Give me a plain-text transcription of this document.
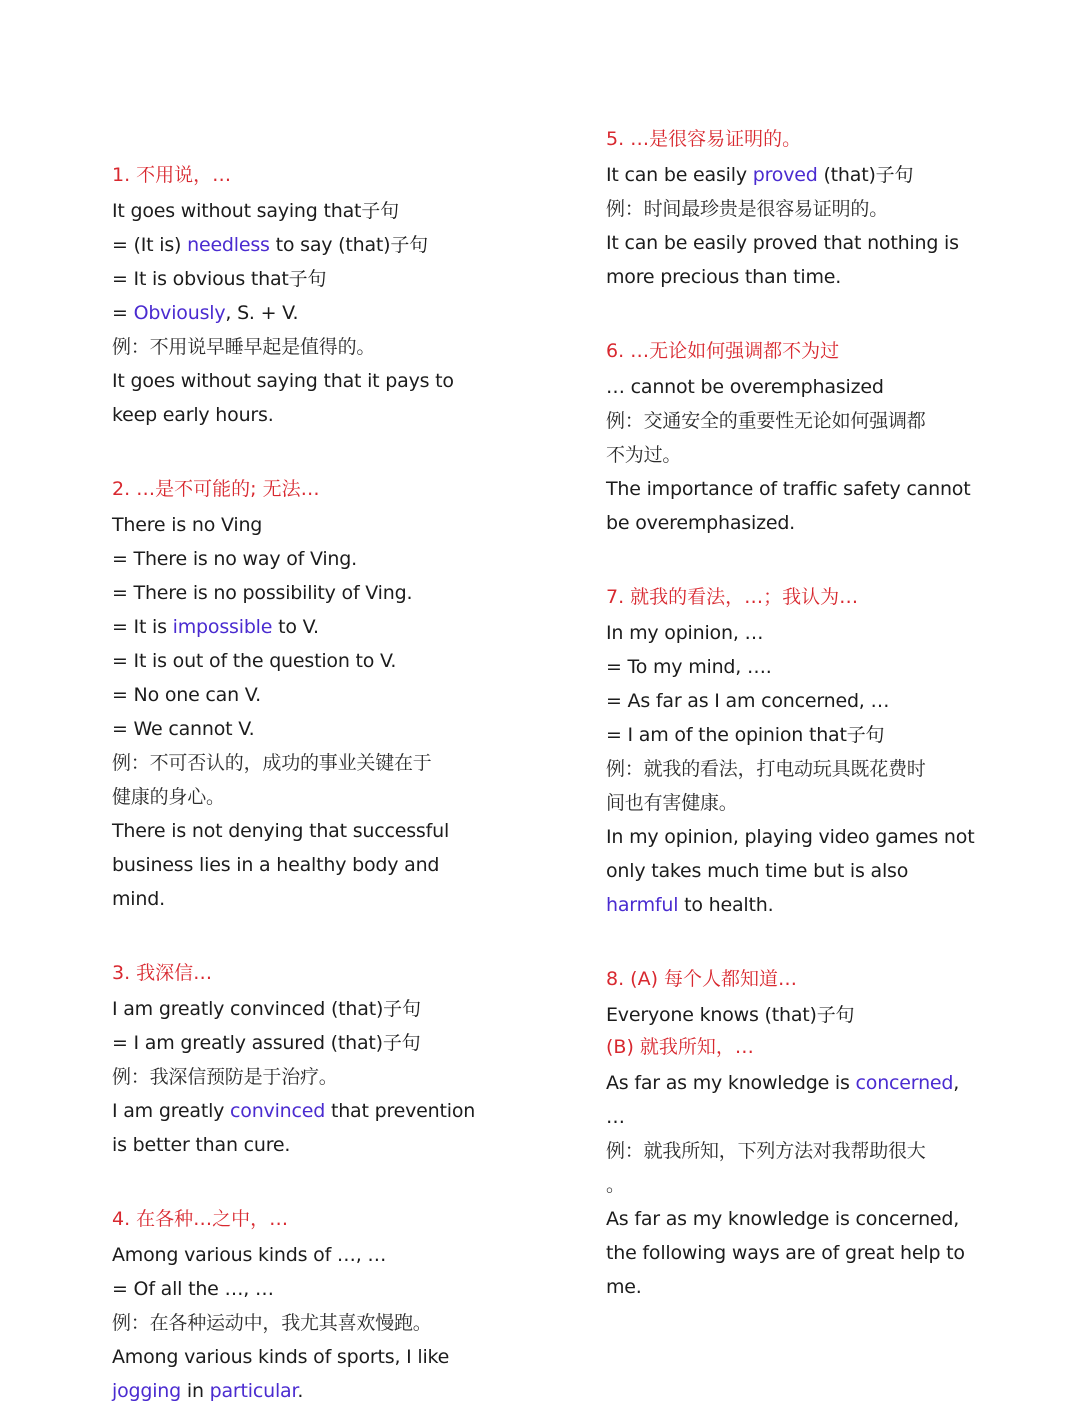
1. 不用说，…
It goes without saying that子句
= (It is) needless to say (that)子句
= It is obvious that子句
= Obviously, S. + V.
例：不用说早睡早起是值得的。
It goes without saying that it pays to
keep early hours.
2. …是不可能的; 无法…
There is no Ving
= There is no way of Ving.
= There is no possibility of Ving.
= It is impossible to V.
= It is out of the question to V.
= No one can V.
= We cannot V.
例：不可否认的，成功的事业关键在于
健康的身心。
There is not denying that successful
business lies in a healthy body and
mind.
3. 我深信…
I am greatly convinced (that)子句
= I am greatly assured (that)子句
例：我深信预防是于治疗。
I am greatly convinced that prevention
is better than cure.
4. 在各种…之中，…
Among various kinds of …, …
= Of all the …, …
例：在各种运动中，我尤其喜欢慢跑。
Among various kinds of sports, I like
jogging in particular.
5. …是很容易证明的。
It can be easily proved (that)子句
例：时间最珍贵是很容易证明的。
It can be easily proved that nothing is
more precious than time.
6. …无论如何强调都不为过
… cannot be overemphasized
例：交通安全的重要性无论如何强调都
不为过。
The importance of traffic safety cannot
be overemphasized.
7. 就我的看法，…；我认为…
In my opinion, …
= To my mind, ….
= As far as I am concerned, …
= I am of the opinion that子句
例：就我的看法，打电动玩具既花费时
间也有害健康。
In my opinion, playing video games not
only takes much time but is also
harmful to health.
8. (A) 每个人都知道…
Everyone knows (that)子句
(B) 就我所知，…
As far as my knowledge is concerned,
…
例：就我所知，下列方法对我帮助很大
。
As far as my knowledge is concerned,
the following ways are of great help to
me.
